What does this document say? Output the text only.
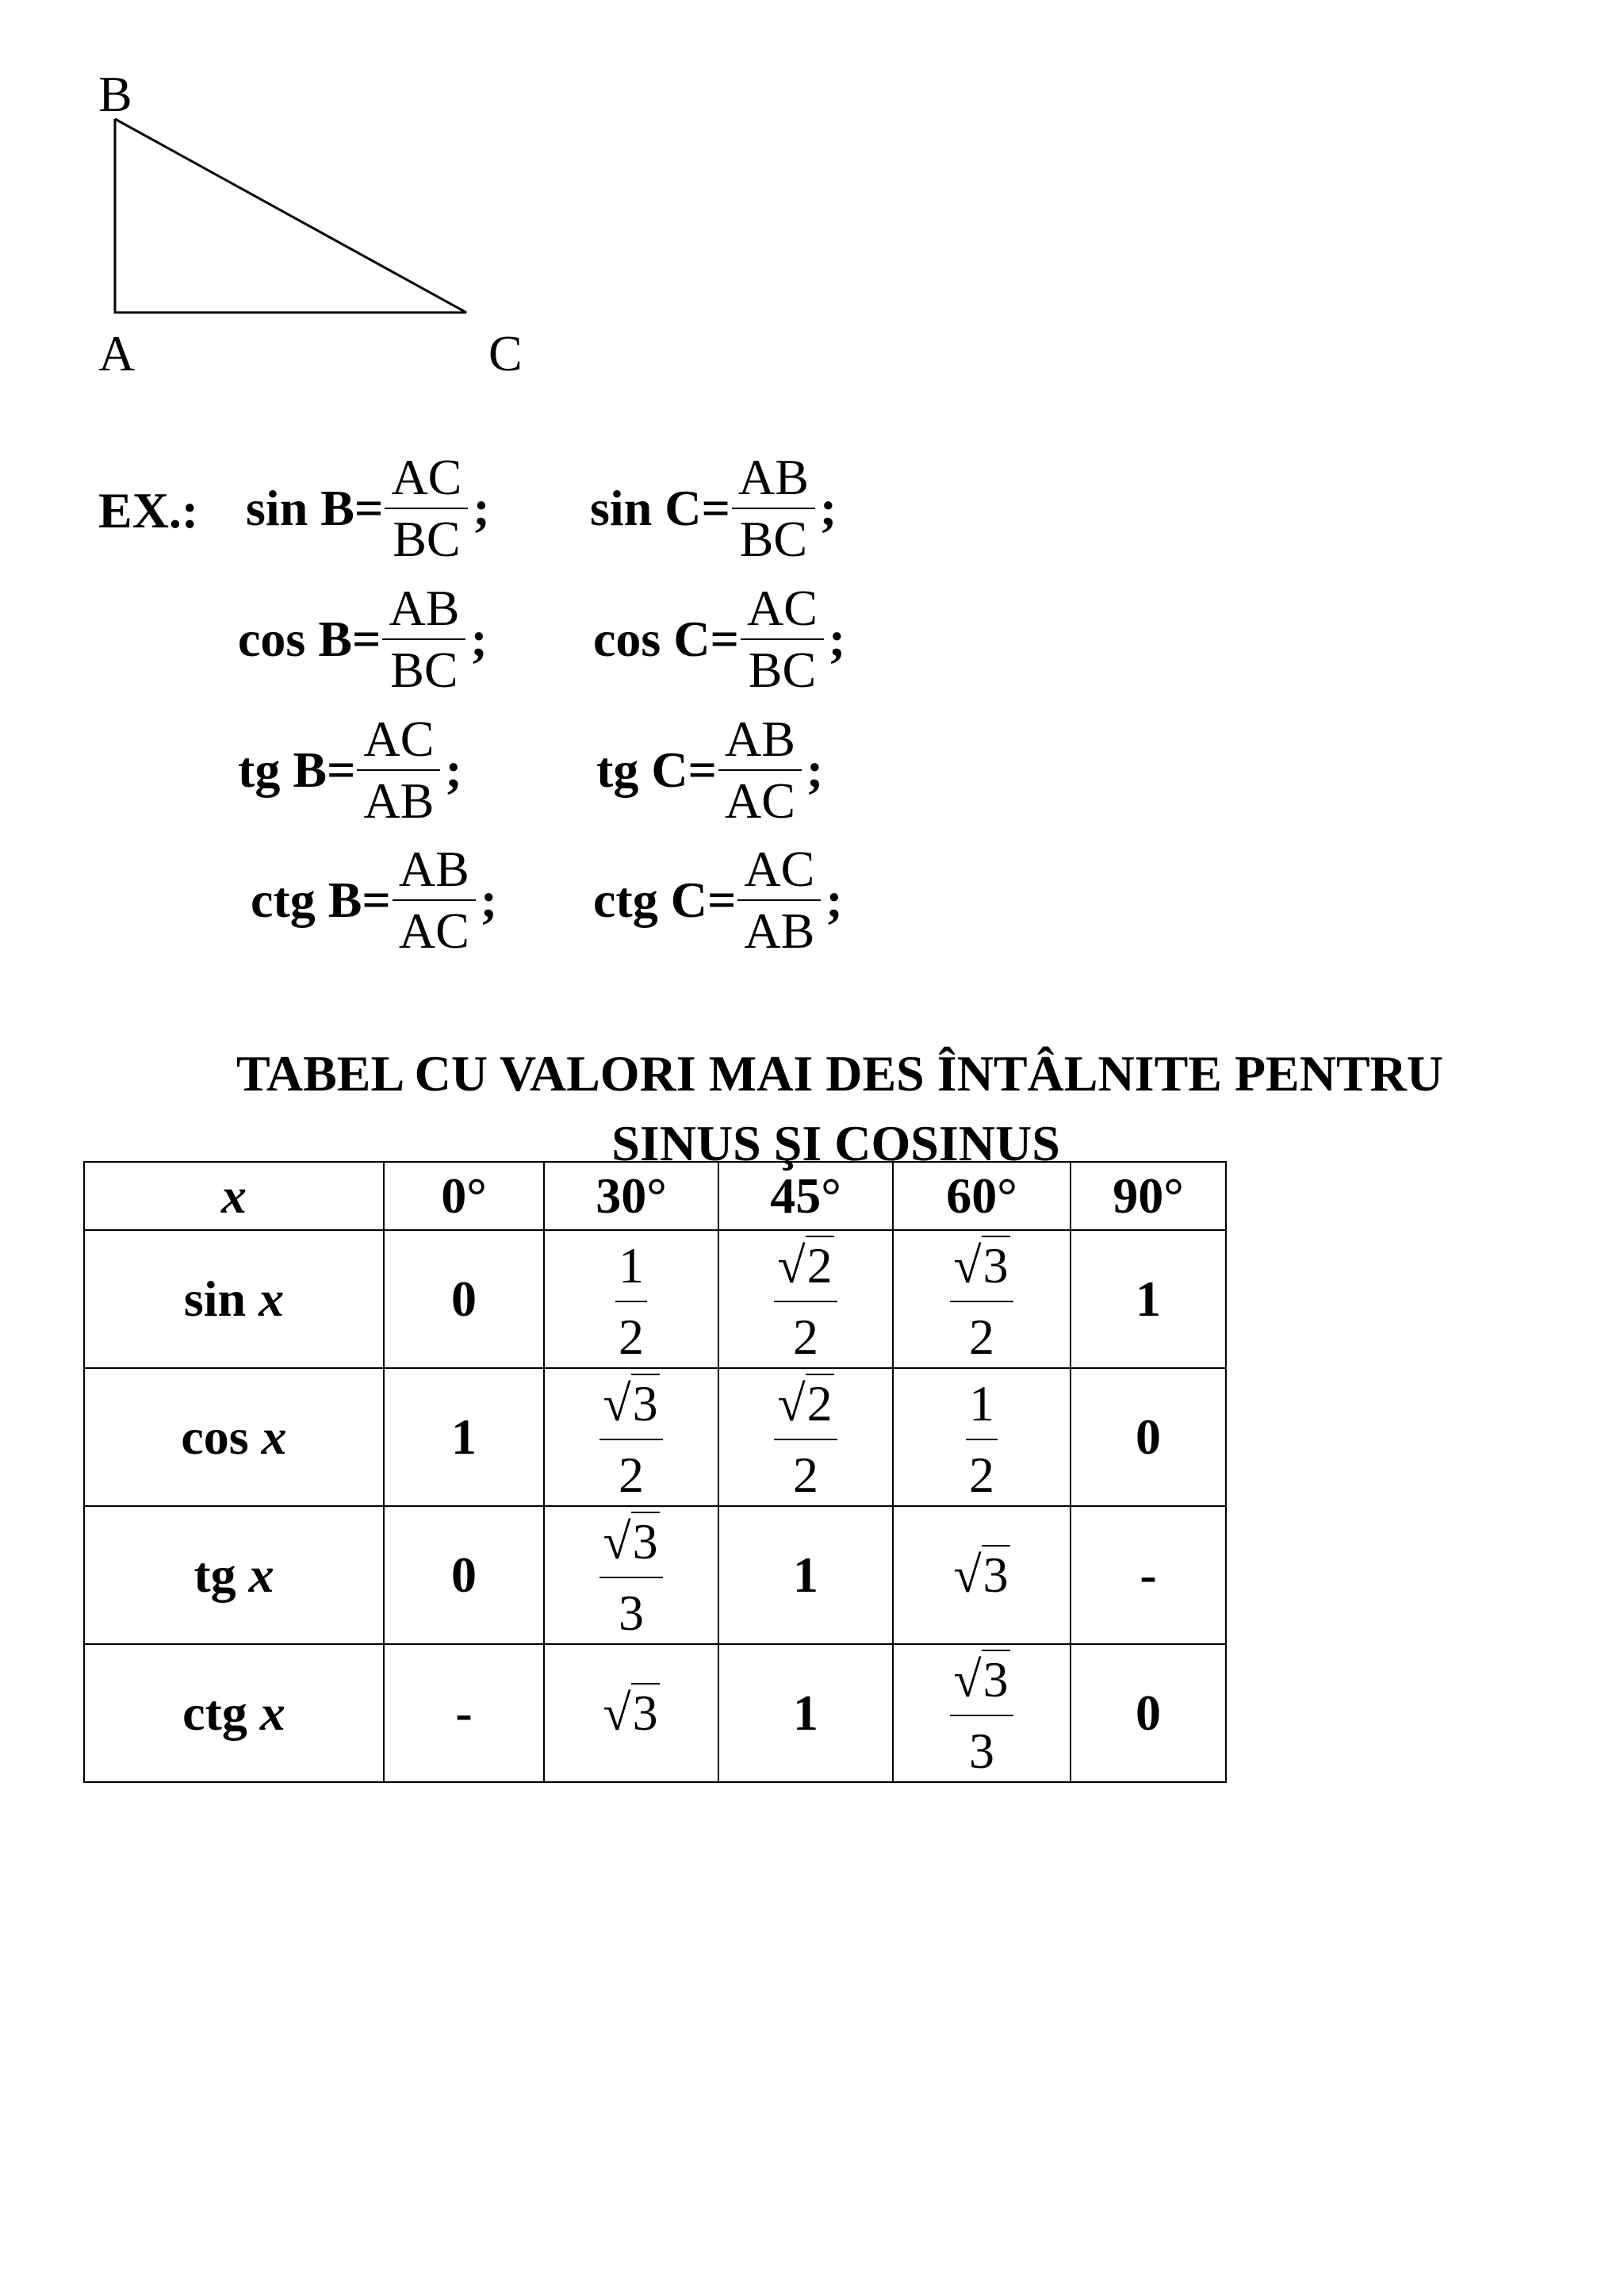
B
A	C
EX.: $\sin B= \frac{AC}{BC}$ ; $\sin C= \frac{AB}{BC}$ ;
$\cos B= \frac{AB}{BC}$ ; $\cos C= \frac{AC}{BC}$ ;
tg $B= \frac{AC}{AB}$ ;	tg $C= \frac{AB}{AC}$ ;
ctg $B= \frac{AB}{AC}$ ; ctg $C= \frac{AC}{AB}$ ;
TABEL CU VALORI MAI DES ÎNTÂLNITE PENTRU
SINUS ŞI COSINUS
x	0°	30°	45°	60°	90°
sin x	0	$\frac{1}{2}$	$\frac{√2}{2}$	$\frac{√3}{2}$	1
cos x	1	$\frac{√3}{2}$	$\frac{√2}{2}$	$\frac{1}{2}$	0
tg x	0	$\frac{√3}{3}$	1	√3	-
ctg x	-	√3	1	$\frac{√3}{3}$	0
